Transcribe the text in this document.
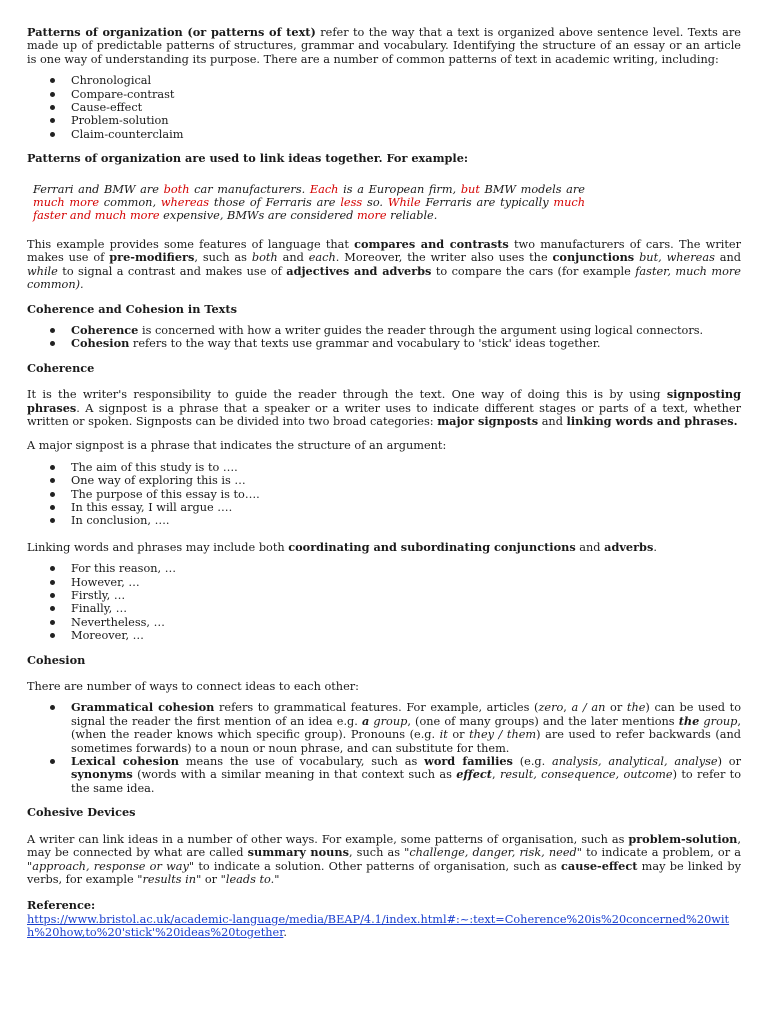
Patterns of organization (or patterns of text) refer to the way that a text is organized above sentence level. Texts are made up of predictable patterns of structures, grammar and vocabulary. Identifying the structure of an essay or an article is one way of understanding its purpose. There are a number of common patterns of text in academic writing, including:

Chronological
Compare-contrast
Cause-effect
Problem-solution
Claim-counterclaim

Patterns of organization are used to link ideas together. For example:

Ferrari and BMW are both car manufacturers. Each is a European firm, but BMW models are much more common, whereas those of Ferraris are less so. While Ferraris are typically much faster and much more expensive, BMWs are considered more reliable.

This example provides some features of language that compares and contrasts two manufacturers of cars. The writer makes use of pre-modifiers, such as both and each. Moreover, the writer also uses the conjunctions but, whereas and while to signal a contrast and makes use of adjectives and adverbs to compare the cars (for example faster, much more common).

Coherence and Cohesion in Texts

Coherence is concerned with how a writer guides the reader through the argument using logical connectors.
Cohesion refers to the way that texts use grammar and vocabulary to 'stick' ideas together.

Coherence

It is the writer's responsibility to guide the reader through the text. One way of doing this is by using signposting phrases. A signpost is a phrase that a speaker or a writer uses to indicate different stages or parts of a text, whether written or spoken. Signposts can be divided into two broad categories: major signposts and linking words and phrases.

A major signpost is a phrase that indicates the structure of an argument:

The aim of this study is to ….
One way of exploring this is …
The purpose of this essay is to….
In this essay, I will argue ….
In conclusion, ….

Linking words and phrases may include both coordinating and subordinating conjunctions and adverbs.

For this reason, …
However, …
Firstly, …
Finally, …
Nevertheless, …
Moreover, …

Cohesion

There are number of ways to connect ideas to each other:

Grammatical cohesion refers to grammatical features. For example, articles (zero, a / an or the) can be used to signal the reader the first mention of an idea e.g. a group, (one of many groups) and the later mentions the group, (when the reader knows which specific group). Pronouns (e.g. it or they / them) are used to refer backwards (and sometimes forwards) to a noun or noun phrase, and can substitute for them.
Lexical cohesion means the use of vocabulary, such as word families (e.g. analysis, analytical, analyse) or synonyms (words with a similar meaning in that context such as effect, result, consequence, outcome) to refer to the same idea.

Cohesive Devices

A writer can link ideas in a number of other ways. For example, some patterns of organisation, such as problem-solution, may be connected by what are called summary nouns, such as "challenge, danger, risk, need" to indicate a problem, or a "approach, response or way" to indicate a solution. Other patterns of organisation, such as cause-effect may be linked by verbs, for example "results in" or "leads to."

Reference:
https://www.bristol.ac.uk/academic-language/media/BEAP/4.1/index.html#:~:text=Coherence%20is%20concerned%20with%20how,to%20'stick'%20ideas%20together.
